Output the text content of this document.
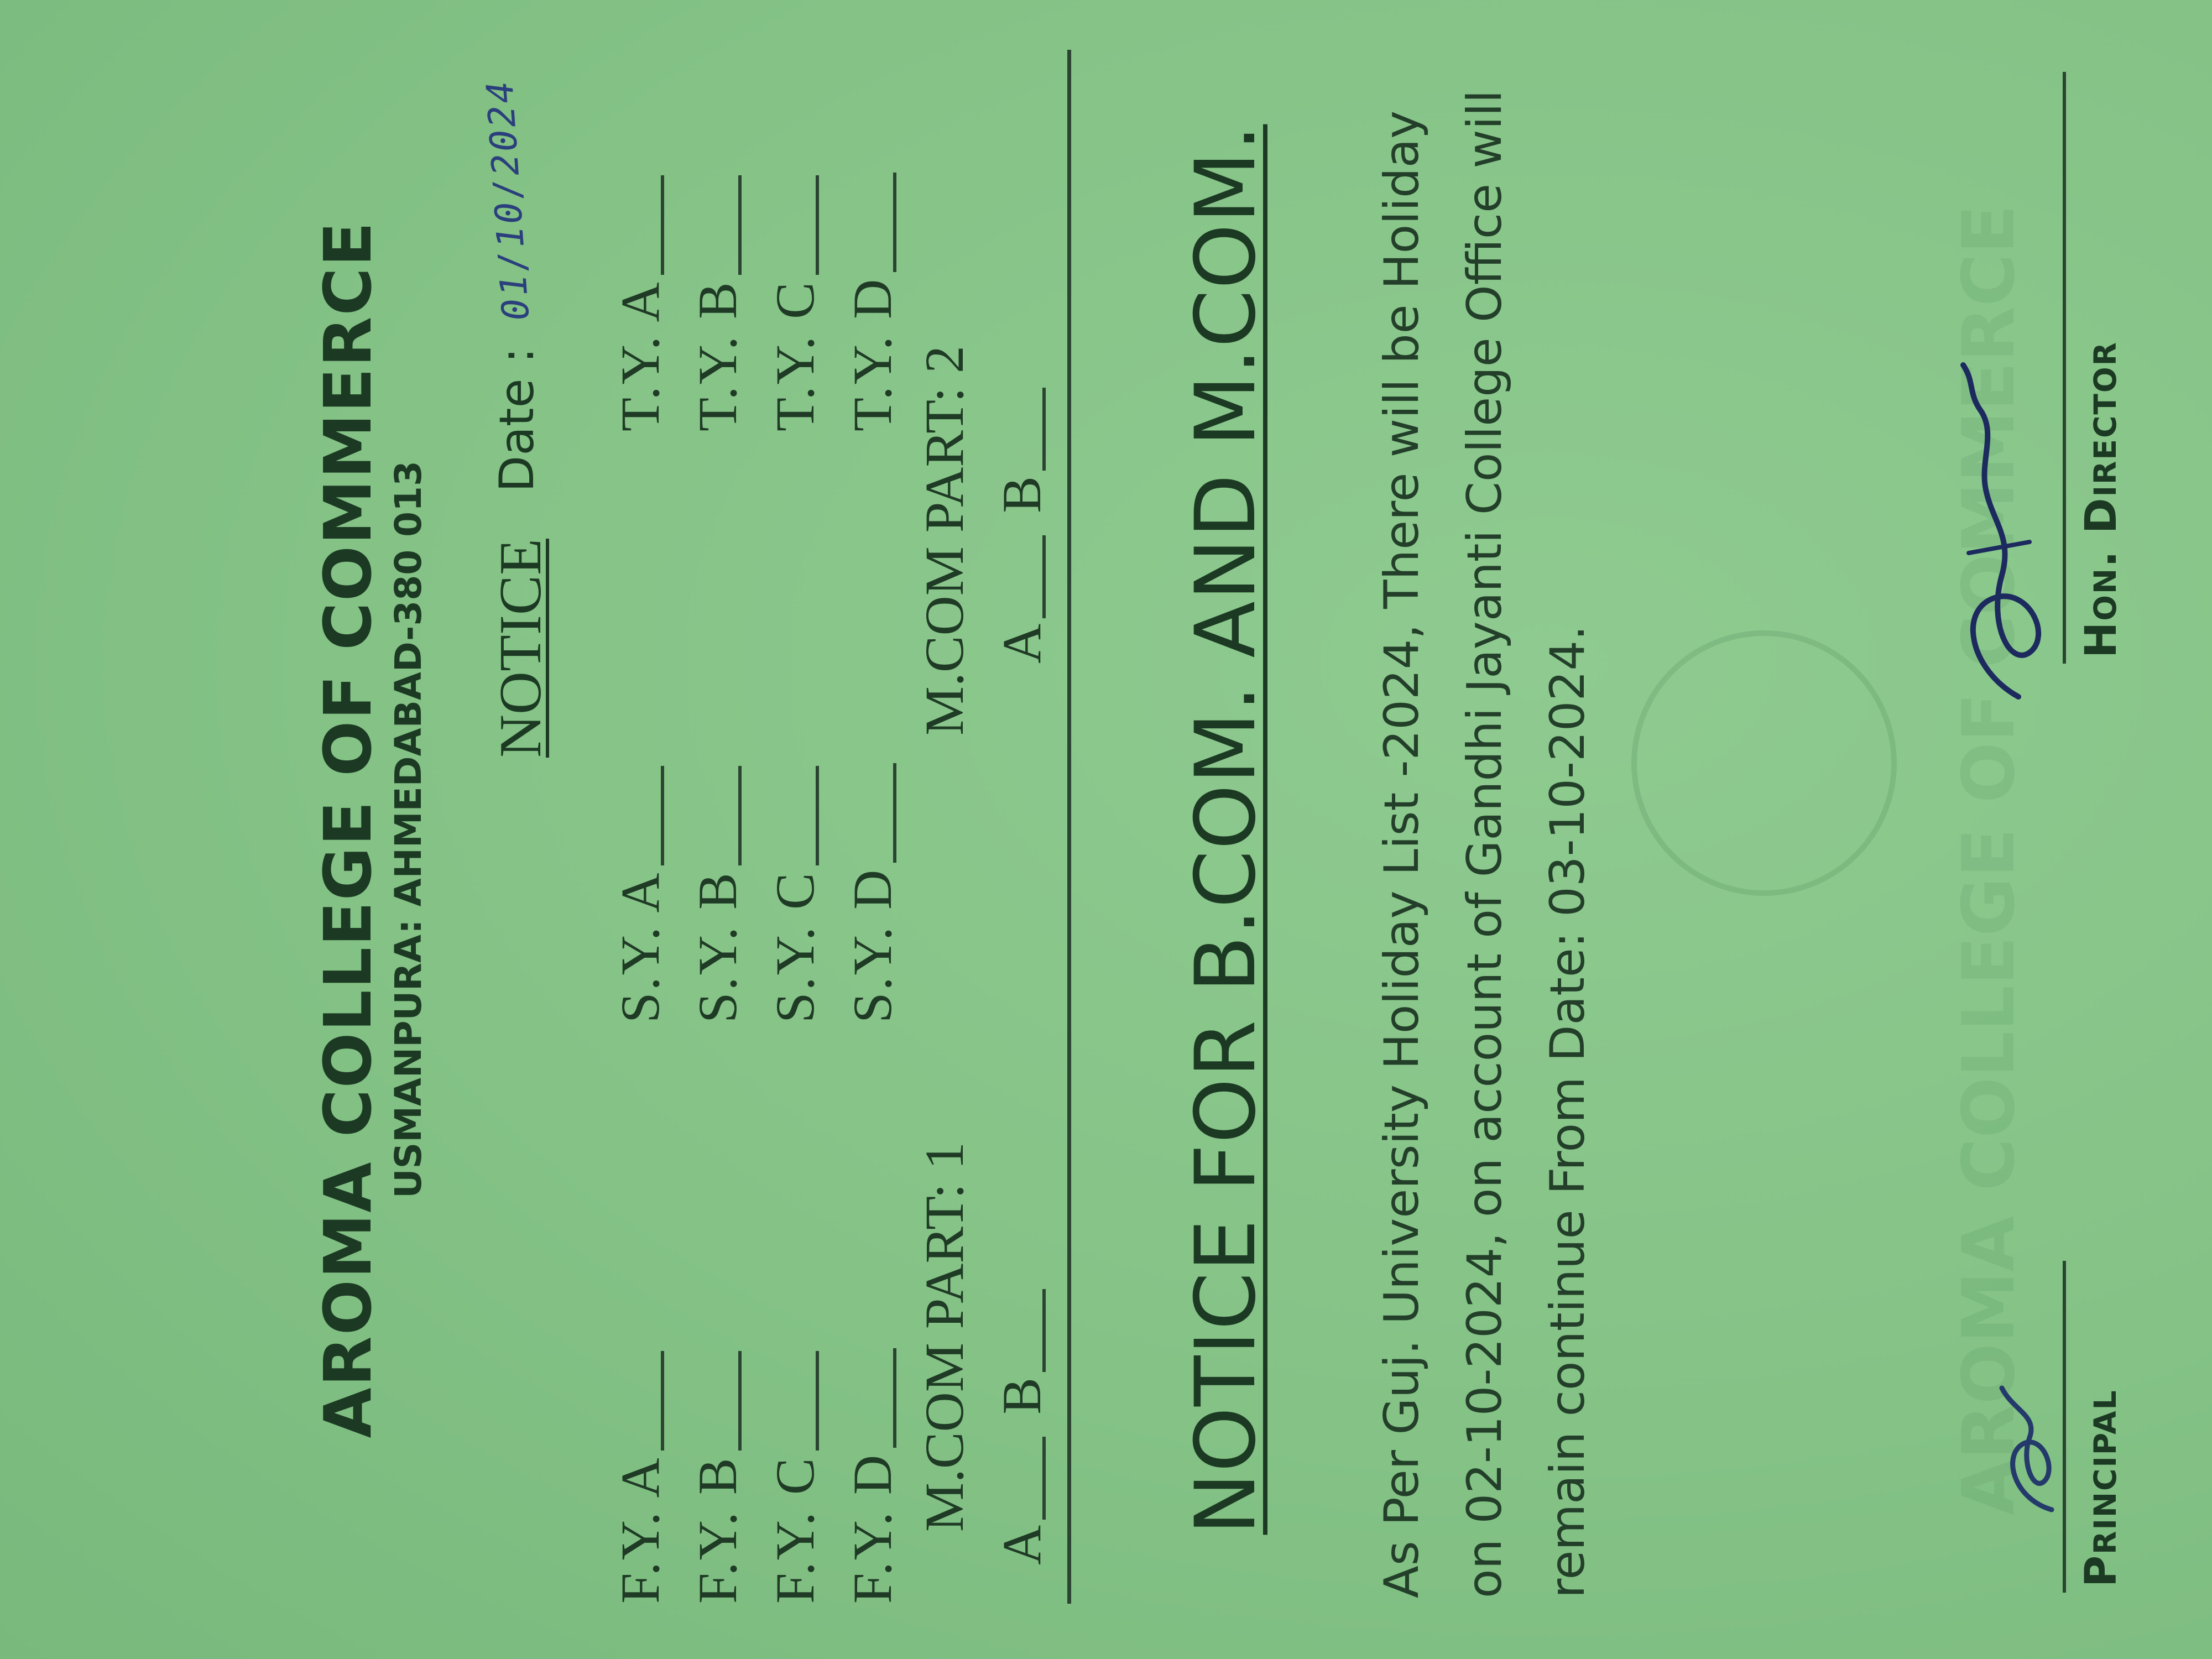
AROMA COLLEGE OF COMMERCE
AROMA COLLEGE OF COMMERCE USMANPURA: AHMEDABAD-380 013 NOTICE
Date :
01/10/2024
F.Y. A
S.Y. A
T.Y. A
F.Y. B
S.Y. B
T.Y. B
F.Y. C
S.Y. C
T.Y. C
F.Y. D
S.Y. D
T.Y. D
M.COM PART: 1
M.COM PART: 2
A
B
A
B NOTICE FOR B.COM. AND M.COM. As Per Guj. University Holiday List -2024, There will be Holiday on 02-10-2024, on account of Gandhi Jayanti College Office will remain continue From Date: 03-10-2024.	Principal
Hon. Director
